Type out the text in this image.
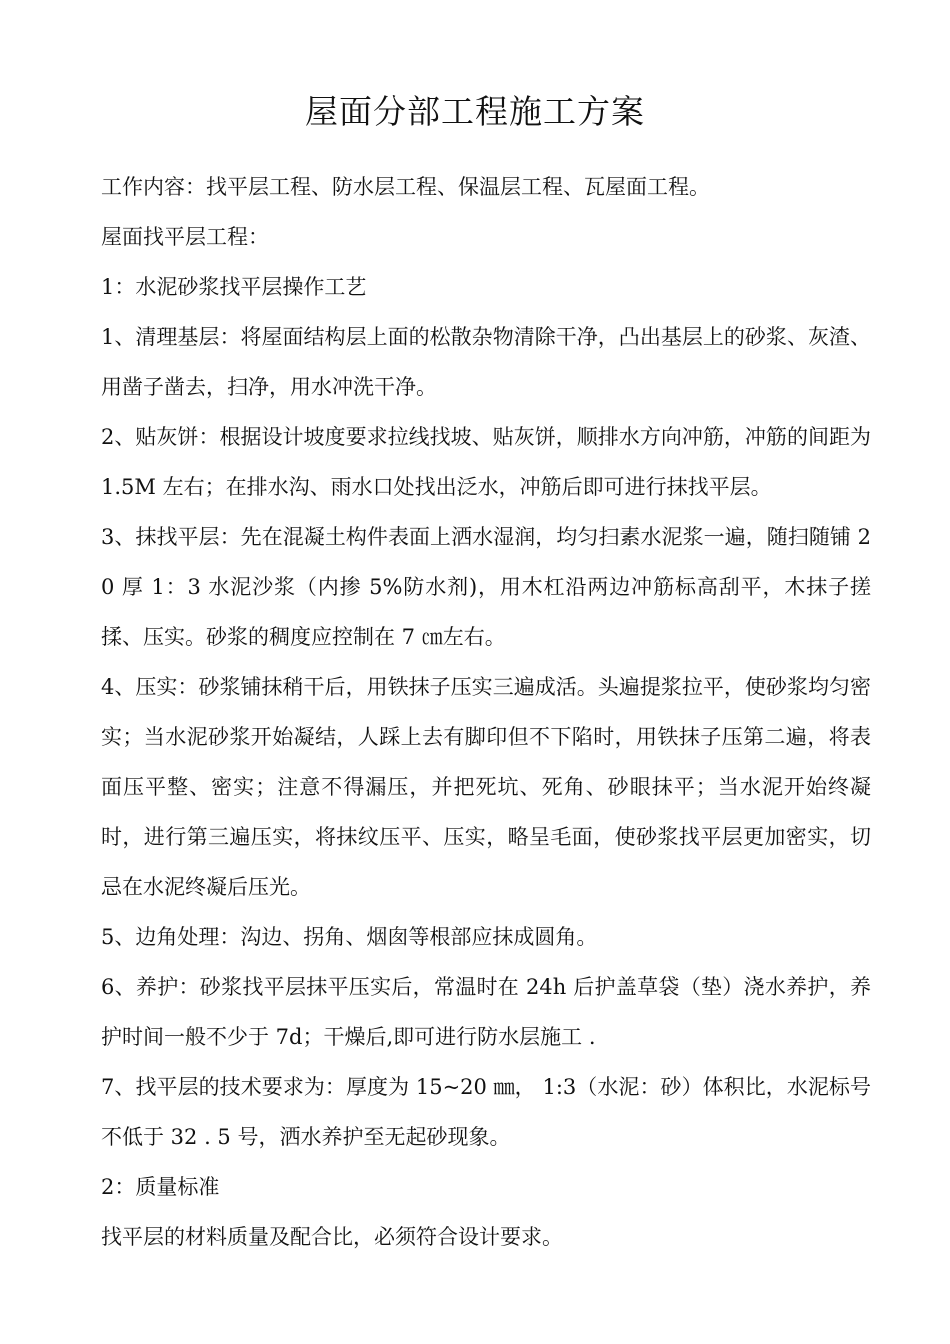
屋面分部工程施工方案

工作内容：找平层工程、防水层工程、保温层工程、瓦屋面工程。

屋面找平层工程：

1：水泥砂浆找平层操作工艺

1、清理基层：将屋面结构层上面的松散杂物清除干净，凸出基层上的砂浆、灰渣、用凿子凿去，扫净，用水冲洗干净。

2、贴灰饼：根据设计坡度要求拉线找坡、贴灰饼，顺排水方向冲筋，冲筋的间距为 1.5M 左右；在排水沟、雨水口处找出泛水，冲筋后即可进行抹找平层。

3、抹找平层：先在混凝土构件表面上洒水湿润，均匀扫素水泥浆一遍，随扫随铺 20 厚 1：3 水泥沙浆（内掺 5%防水剂)，用木杠沿两边冲筋标高刮平，木抹子搓揉、压实。砂浆的稠度应控制在 7 ㎝左右。

4、压实：砂浆铺抹稍干后，用铁抹子压实三遍成活。头遍提浆拉平，使砂浆均匀密实；当水泥砂浆开始凝结，人踩上去有脚印但不下陷时，用铁抹子压第二遍，将表面压平整、密实；注意不得漏压，并把死坑、死角、砂眼抹平；当水泥开始终凝时，进行第三遍压实，将抹纹压平、压实，略呈毛面，使砂浆找平层更加密实，切忌在水泥终凝后压光。

5、边角处理：沟边、拐角、烟囱等根部应抹成圆角。

6、养护：砂浆找平层抹平压实后，常温时在 24h 后护盖草袋（垫）浇水养护，养护时间一般不少于 7d；干燥后,即可进行防水层施工 .

7、找平层的技术要求为：厚度为 15~20 ㎜， 1:3（水泥：砂）体积比，水泥标号不低于 32 . 5 号，洒水养护至无起砂现象。

2：质量标准

找平层的材料质量及配合比，必须符合设计要求。
